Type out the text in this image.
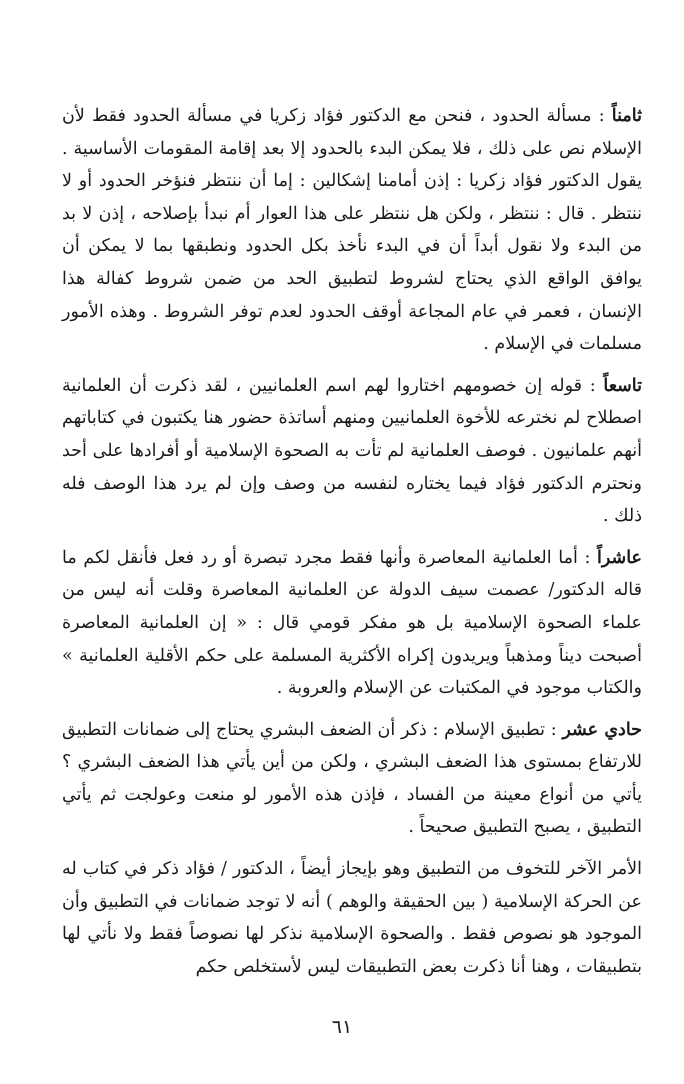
ثامناً : مسألة الحدود ، فنحن مع الدكتور فؤاد زكريا في مسألة الحدود فقط لأن الإسلام نص على ذلك ، فلا يمكن البدء بالحدود إلا بعد إقامة المقومات الأساسية . يقول الدكتور فؤاد زكريا : إذن أمامنا إشكالين : إما أن ننتظر فنؤخر الحدود أو لا ننتظر . قال : ننتظر ، ولكن هل ننتظر على هذا العوار أم نبدأ بإصلاحه ، إذن لا بد من البدء ولا نقول أبداً أن في البدء نأخذ بكل الحدود ونطبقها بما لا يمكن أن يوافق الواقع الذي يحتاج لشروط لتطبيق الحد من ضمن شروط كفالة هذا الإنسان ، فعمر في عام المجاعة أوقف الحدود لعدم توفر الشروط . وهذه الأمور مسلمات في الإسلام .

تاسعاً : قوله إن خصومهم اختاروا لهم اسم العلمانيين ، لقد ذكرت أن العلمانية اصطلاح لم نخترعه للأخوة العلمانيين ومنهم أساتذة حضور هنا يكتبون في كتاباتهم أنهم علمانيون . فوصف العلمانية لم تأت به الصحوة الإسلامية أو أفرادها على أحد ونحترم الدكتور فؤاد فيما يختاره لنفسه من وصف وإن لم يرد هذا الوصف فله ذلك .

عاشراً : أما العلمانية المعاصرة وأنها فقط مجرد تبصرة أو رد فعل فأنقل لكم ما قاله الدكتور/ عصمت سيف الدولة عن العلمانية المعاصرة وقلت أنه ليس من علماء الصحوة الإسلامية بل هو مفكر قومي قال : « إن العلمانية المعاصرة أصبحت ديناً ومذهباً ويريدون إكراه الأكثرية المسلمة على حكم الأقلية العلمانية » والكتاب موجود في المكتبات عن الإسلام والعروبة .

حادي عشر : تطبيق الإسلام : ذكر أن الضعف البشري يحتاج إلى ضمانات التطبيق للارتفاع بمستوى هذا الضعف البشري ، ولكن من أين يأتي هذا الضعف البشري ؟ يأتي من أنواع معينة من الفساد ، فإذن هذه الأمور لو منعت وعولجت ثم يأتي التطبيق ، يصبح التطبيق صحيحاً .

الأمر الآخر للتخوف من التطبيق وهو بإيجاز أيضاً ، الدكتور / فؤاد ذكر في كتاب له عن الحركة الإسلامية ( بين الحقيقة والوهم ) أنه لا توجد ضمانات في التطبيق وأن الموجود هو نصوص فقط . والصحوة الإسلامية نذكر لها نصوصاً فقط ولا نأتي لها بتطبيقات ، وهنا أنا ذكرت بعض التطبيقات ليس لأستخلص حكم

٦١
